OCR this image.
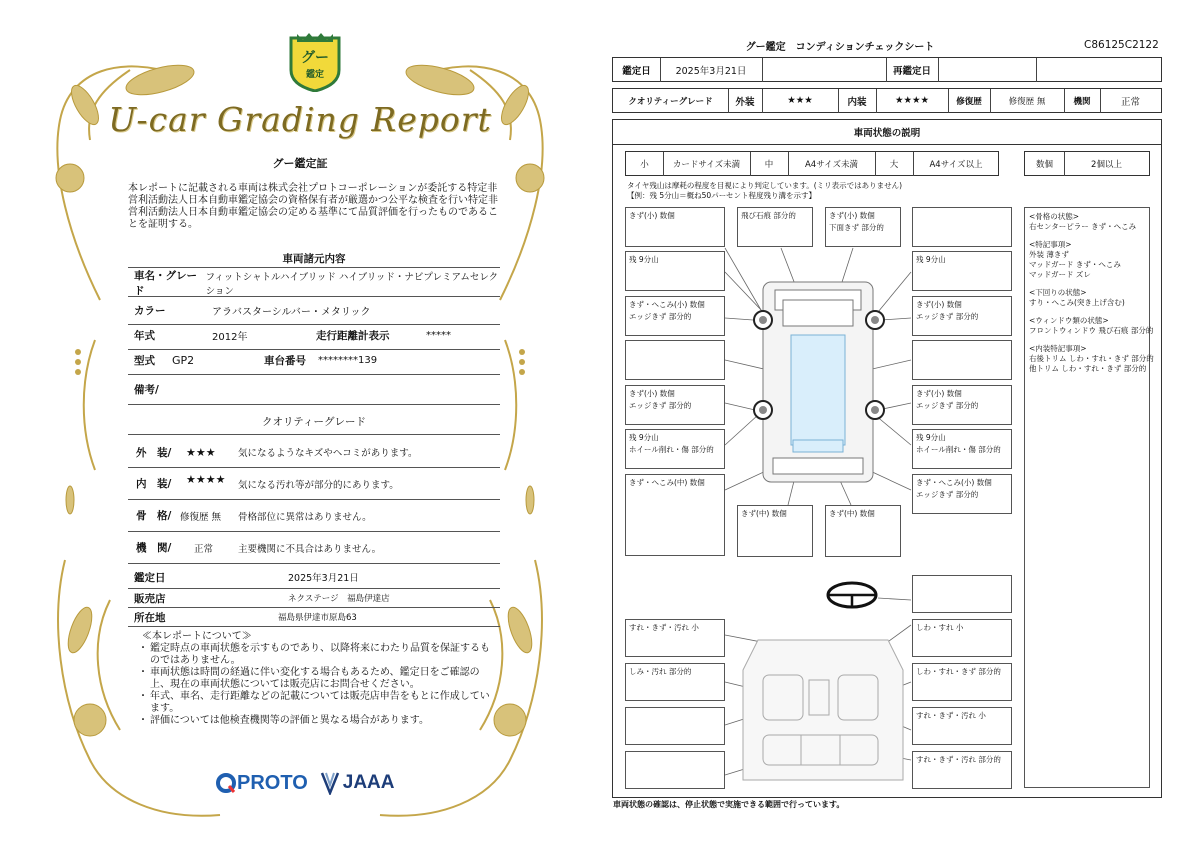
グー
鑑定
U-car Grading Report
グー鑑定証
本レポートに記載される車両は株式会社プロトコーポレーションが委託する特定非営利活動法人日本自動車鑑定協会の資格保有者が厳選かつ公平な検査を行い特定非営利活動法人日本自動車鑑定協会の定める基準にて品質評価を行ったものであることを証明する。
車両諸元内容
車名・グレード
フィットシャトルハイブリッド ハイブリッド・ナビプレミアムセレクション
カラー	アラバスターシルバー・メタリック
年式	2012年	走行距離計表示	*****
型式	GP2	車台番号	********139
備考/
クオリティーグレード
外　装/	★★★	気になるようなキズやヘコミがあります。
内　装/	★★★★	気になる汚れ等が部分的にあります。
骨　格/ 修復歴 無	骨格部位に異常はありません。
機　関/	正常	主要機関に不具合はありません。
鑑定日	2025年3月21日
販売店	ネクステージ　福島伊達店
所在地	福島県伊達市原島63
≪本レポートについて≫
・ 鑑定時点の車両状態を示すものであり、以降将来にわたり品質を保証するものではありません。
・ 車両状態は時間の経過に伴い変化する場合もあるため、鑑定日をご確認の上、現在の車両状態については販売店にお問合せください。
・ 年式、車名、走行距離などの記載については販売店申告をもとに作成しています。
・ 評価については他検査機関等の評価と異なる場合があります。
PROTO JAAA
グー鑑定　コンディションチェックシート	C86125C2122
鑑定日	2025年3月21日	再鑑定日
クオリティーグレード	外装	★★★	内装	★★★★	修復歴	修復歴 無	機関	正常
車両状態の説明
小	カードサイズ未満	中	A4サイズ未満	大	A4サイズ以上	数個	2個以上
タイヤ残山は摩耗の程度を目視により判定しています。(ミリ表示ではありません)
【例：残 5分山＝概ね50パーセント程度残り溝を示す】
きず(小) 数個
残 9分山
きず・へこみ(小) 数個
エッジきず 部分的
きず(小) 数個
エッジきず 部分的
残 9分山
ホイール削れ・傷 部分的
きず・へこみ(中) 数個
飛び石痕 部分的	きず(小) 数個
下面きず 部分的
残 9分山
きず(小) 数個
エッジきず 部分的
きず(小) 数個
エッジきず 部分的
残 9分山
ホイール削れ・傷 部分的
きず・へこみ(小) 数個
エッジきず 部分的
きず(中) 数個	きず(中) 数個
すれ・きず・汚れ 小
しみ・汚れ 部分的
しわ・すれ 小
しわ・すれ・きず 部分的
すれ・きず・汚れ 小
すれ・きず・汚れ 部分的

<骨格の状態>

右センターピラー きず・へこみ

<特記事項>

外装 薄きず

マッドガード きず・へこみ

マッドガード ズレ

<下回りの状態>

すり・へこみ(突き上げ含む)

<ウィンドウ類の状態>

フロントウィンドウ 飛び石痕 部分的

<内装特記事項>

右後トリム しわ・すれ・きず 部分的

他トリム しわ・すれ・きず 部分的

車両状態の確認は、停止状態で実施できる範囲で行っています。
